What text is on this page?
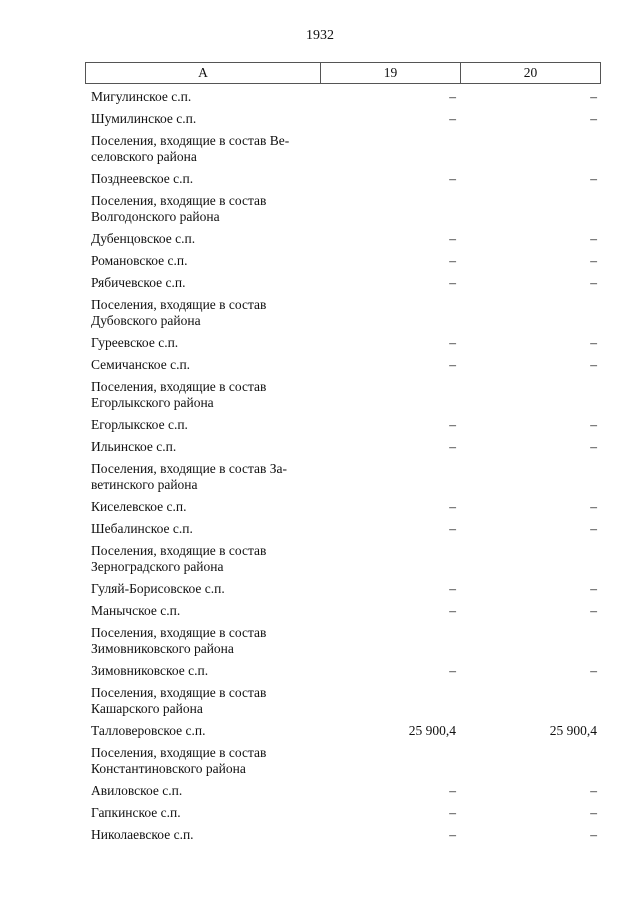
1932
А	19	20
Мигулинское с.п.	–	–
Шумилинское с.п.	–	–
Поселения, входящие в состав Ве-
селовского района
Позднеевское с.п.	–	–
Поселения, входящие в состав
Волгодонского района
Дубенцовское с.п.	–	–
Романовское с.п.	–	–
Рябичевское с.п.	–	–
Поселения, входящие в состав
Дубовского района
Гуреевское с.п.	–	–
Семичанское с.п.	–	–
Поселения, входящие в состав
Егорлыкского района
Егорлыкское с.п.	–	–
Ильинское с.п.	–	–
Поселения, входящие в состав За-
ветинского района
Киселевское с.п.	–	–
Шебалинское с.п.	–	–
Поселения, входящие в состав
Зерноградского района
Гуляй-Борисовское с.п.	–	–
Манычское с.п.	–	–
Поселения, входящие в состав
Зимовниковского района
Зимовниковское с.п.	–	–
Поселения, входящие в состав
Кашарского района
Талловеровское с.п.	25 900,4	25 900,4
Поселения, входящие в состав
Константиновского района
Авиловское с.п.	–	–
Гапкинское с.п.	–	–
Николаевское с.п.	–	–
